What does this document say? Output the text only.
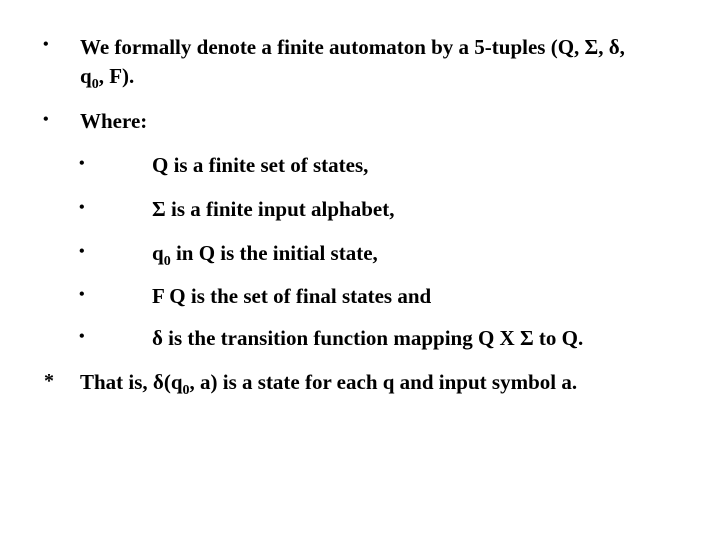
• We formally denote a finite automaton by a 5-tuples (Q, Σ, δ,
$q_0$, F).
• Where:
•	Q is a finite set of states,
•	Σ is a finite input alphabet,
•	$q_0$ in Q is the initial state,
•	F Q is the set of final states and
•	δ is the transition function mapping Q X Σ to Q.
* That is, $\delta(q_0$, a) is a state for each q and input symbol a.
